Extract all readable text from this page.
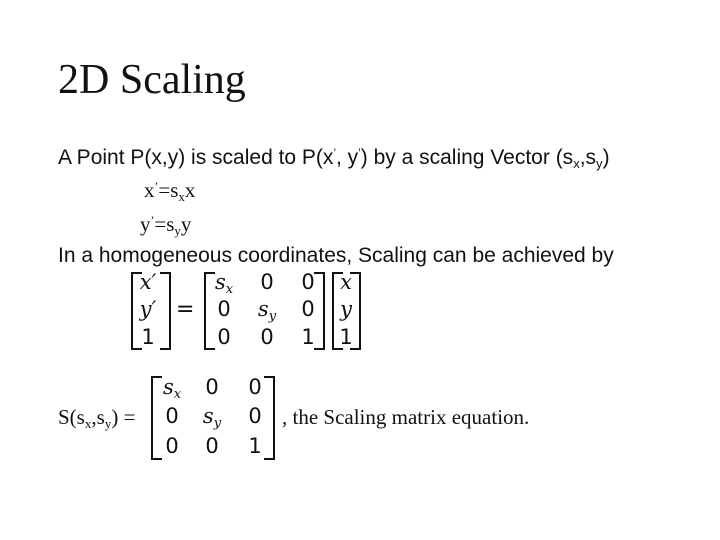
2D Scaling
A Point P(x,y) is scaled to P(x’, y’) by a scaling Vector $(s_x,s_y)$
$x^’=s_xx$
$y^’=s_yy$
In a homogeneous coordinates, Scaling can be achieved by
x′
y′
1
=
$s_x$	0	0
0	$s_y$	0
0	0	1
x
y
1
$S(s_x,s_y)$ =
$s_x$	0	0
0	$s_y$	0
0	0	1
, the Scaling matrix equation.
